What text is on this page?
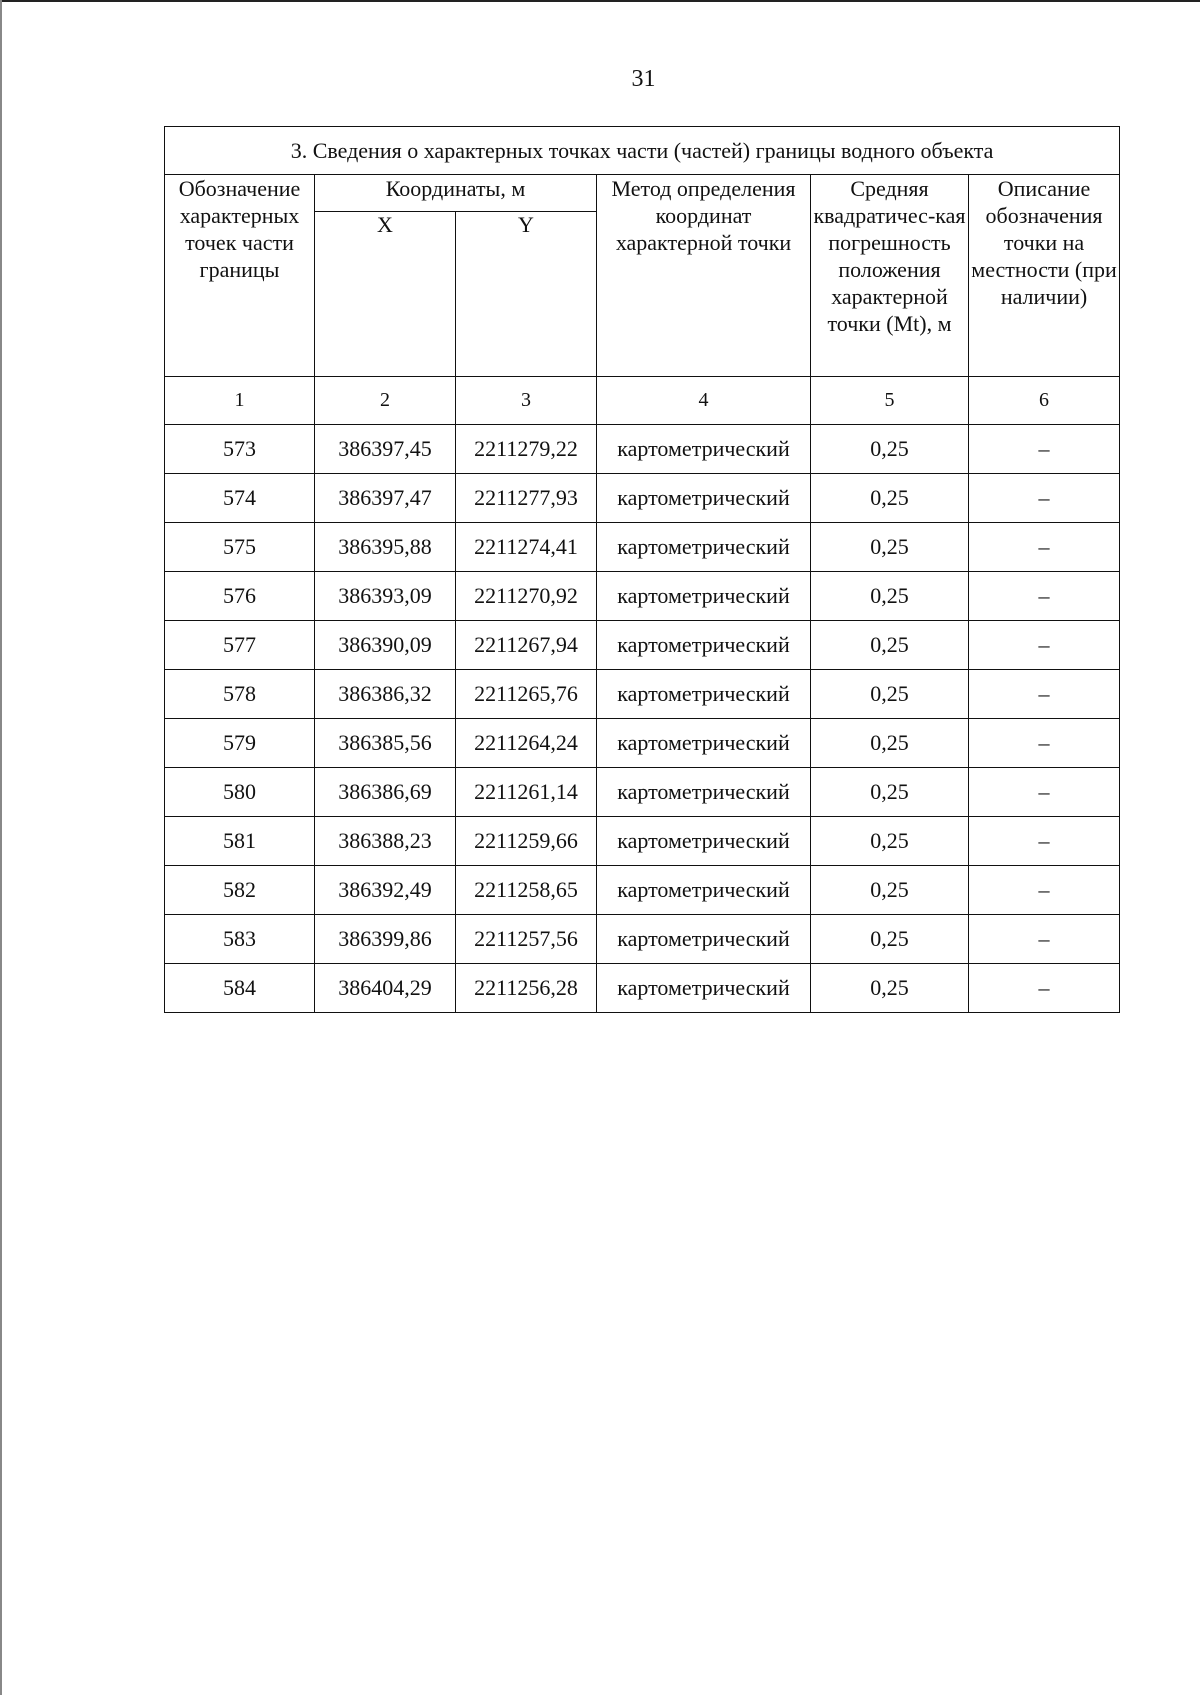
31
3. Сведения о характерных точках части (частей) границы водного объекта					
Обозначение характерных точек части границы	Координаты, м		Метод определения координат характерной точки	Средняя квадратичес-кая погрешность положения характерной точки (Mt), м	Описание обозначения точки на местности (при наличии)
	X	Y			
1	2	3	4	5	6
573	386397,45	2211279,22	картометрический	0,25	–
574	386397,47	2211277,93	картометрический	0,25	–
575	386395,88	2211274,41	картометрический	0,25	–
576	386393,09	2211270,92	картометрический	0,25	–
577	386390,09	2211267,94	картометрический	0,25	–
578	386386,32	2211265,76	картометрический	0,25	–
579	386385,56	2211264,24	картометрический	0,25	–
580	386386,69	2211261,14	картометрический	0,25	–
581	386388,23	2211259,66	картометрический	0,25	–
582	386392,49	2211258,65	картометрический	0,25	–
583	386399,86	2211257,56	картометрический	0,25	–
584	386404,29	2211256,28	картометрический	0,25	–
